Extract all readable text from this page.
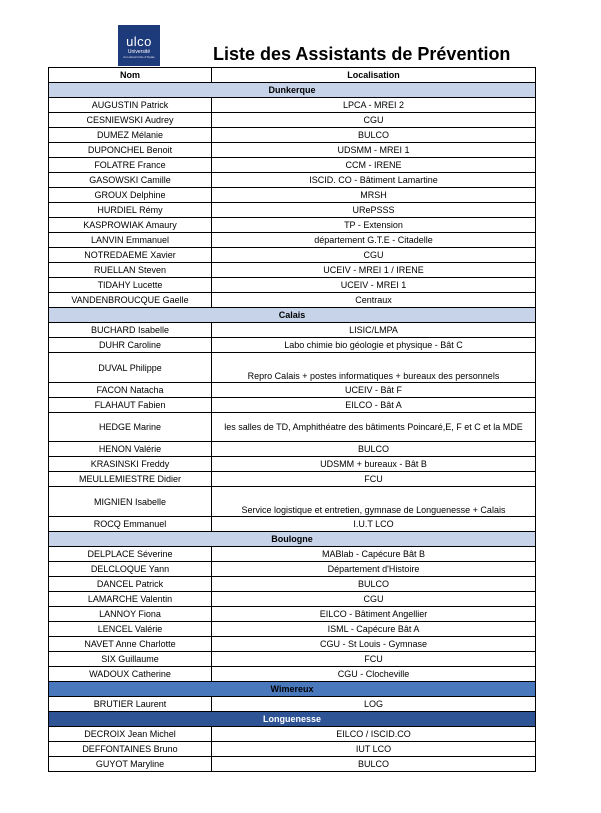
ulco
Université
du Littoral Côte d'Opale	Liste des Assistants de Prévention
Nom	Localisation
Dunkerque	
AUGUSTIN Patrick	LPCA - MREI 2
CESNIEWSKI Audrey	CGU
DUMEZ Mélanie	BULCO
DUPONCHEL Benoit	UDSMM - MREI 1
FOLATRE France	CCM - IRENE
GASOWSKI Camille	ISCID. CO - Bâtiment Lamartine
GROUX Delphine	MRSH
HURDIEL Rémy	URePSSS
KASPROWIAK Amaury	TP - Extension
LANVIN Emmanuel	département G.T.E - Citadelle
NOTREDAEME Xavier	CGU
RUELLAN Steven	UCEIV - MREI 1 / IRENE
TIDAHY Lucette	UCEIV - MREI 1
VANDENBROUCQUE Gaelle	Centraux
Calais	
BUCHARD Isabelle	LISIC/LMPA
DUHR Caroline	Labo chimie bio géologie et physique - Bât C
DUVAL Philippe	Repro Calais + postes informatiques + bureaux des personnels
FACON Natacha	UCEIV - Bât F
FLAHAUT Fabien	EILCO - Bât A
HEDGE Marine	les salles de TD, Amphithéatre des bâtiments Poincaré,E, F et C et la MDE
HENON Valérie	BULCO
KRASINSKI Freddy	UDSMM + bureaux - Bât B
MEULLEMIESTRE Didier	FCU
MIGNIEN Isabelle	Service logistique et entretien, gymnase de Longuenesse + Calais
ROCQ Emmanuel	I.U.T LCO
Boulogne	
DELPLACE Séverine	MABlab - Capécure Bât B
DELCLOQUE Yann	Département d'Histoire
DANCEL Patrick	BULCO
LAMARCHE Valentin	CGU
LANNOY Fiona	EILCO - Bâtiment Angellier
LENCEL Valérie	ISML - Capécure Bât A
NAVET Anne Charlotte	CGU - St Louis - Gymnase
SIX Guillaume	FCU
WADOUX Catherine	CGU - Clocheville
Wimereux	
BRUTIER Laurent	LOG
Longuenesse	
DECROIX Jean Michel	EILCO / ISCID.CO
DEFFONTAINES Bruno	IUT LCO
GUYOT Maryline	BULCO
